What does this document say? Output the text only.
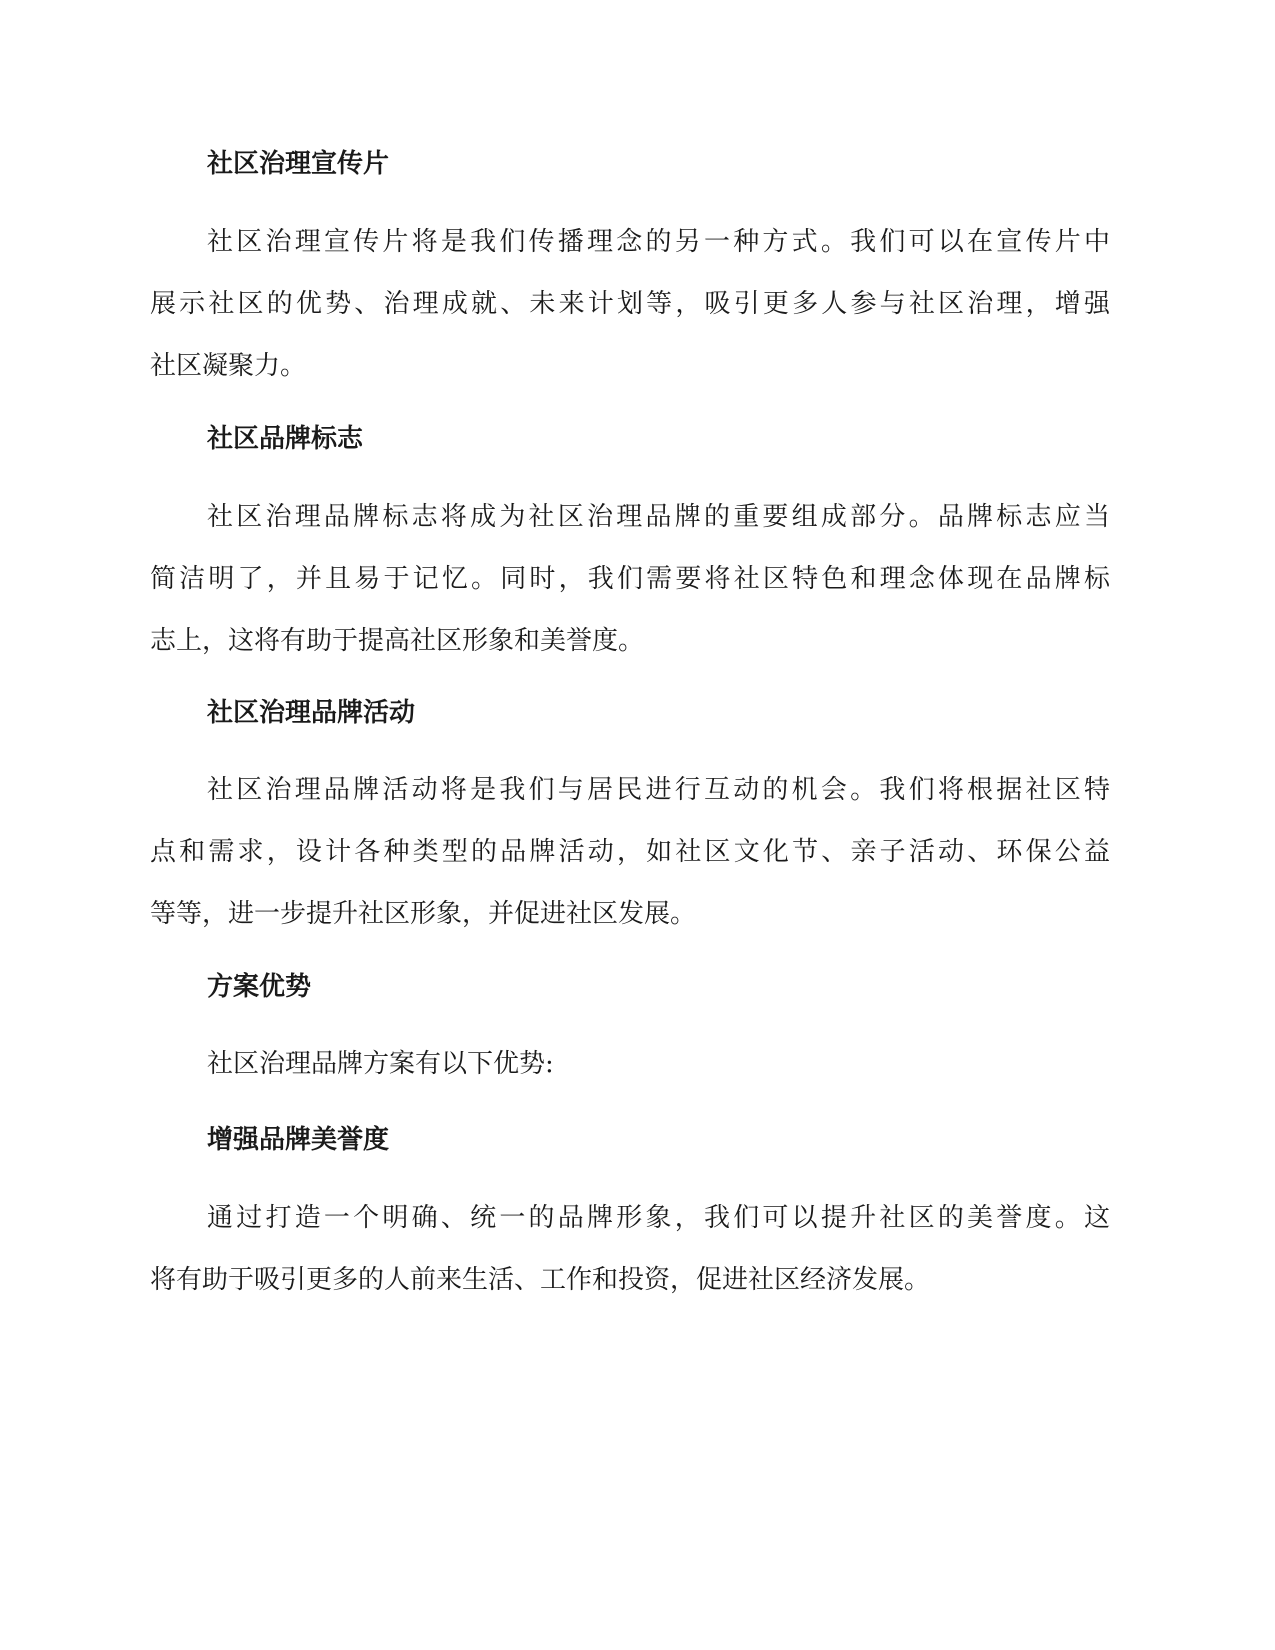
社区治理宣传片
社区治理宣传片将是我们传播理念的另一种方式。我们可以在宣传片中
展示社区的优势、治理成就、未来计划等，吸引更多人参与社区治理，增强
社区凝聚力。
社区品牌标志
社区治理品牌标志将成为社区治理品牌的重要组成部分。品牌标志应当
简洁明了，并且易于记忆。同时，我们需要将社区特色和理念体现在品牌标
志上，这将有助于提高社区形象和美誉度。
社区治理品牌活动
社区治理品牌活动将是我们与居民进行互动的机会。我们将根据社区特
点和需求，设计各种类型的品牌活动，如社区文化节、亲子活动、环保公益
等等，进一步提升社区形象，并促进社区发展。
方案优势
社区治理品牌方案有以下优势:
增强品牌美誉度
通过打造一个明确、统一的品牌形象，我们可以提升社区的美誉度。这
将有助于吸引更多的人前来生活、工作和投资，促进社区经济发展。
